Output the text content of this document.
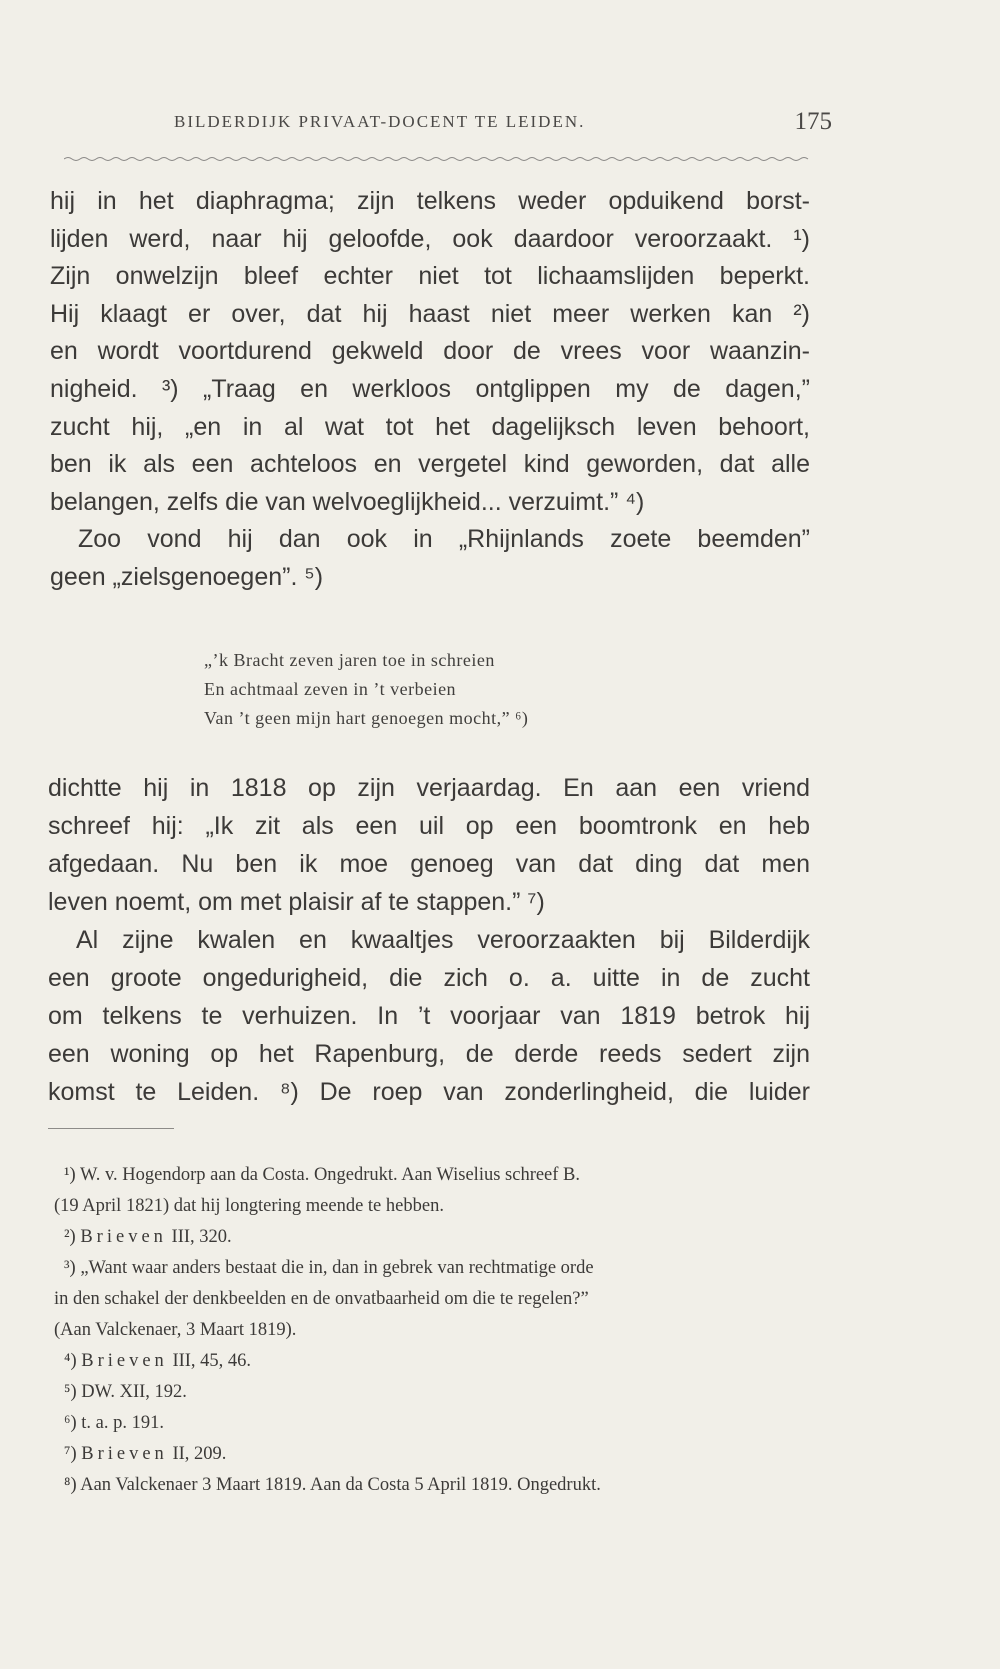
BILDERDIJK PRIVAAT-DOCENT TE LEIDEN.	175
hij in het diaphragma; zijn telkens weder opduikend borst-
lijden werd, naar hij geloofde, ook daardoor veroorzaakt. ¹)
Zijn onwelzijn bleef echter niet tot lichaamslijden beperkt.
Hij klaagt er over, dat hij haast niet meer werken kan ²)
en wordt voortdurend gekweld door de vrees voor waanzin-
nigheid. ³) „Traag en werkloos ontglippen my de dagen,”
zucht hij, „en in al wat tot het dagelijksch leven behoort,
ben ik als een achteloos en vergetel kind geworden, dat alle
belangen, zelfs die van welvoeglijkheid... verzuimt.” ⁴)
Zoo vond hij dan ook in „Rhijnlands zoete beemden”
geen „zielsgenoegen”. ⁵)
„’k Bracht zeven jaren toe in schreien
En achtmaal zeven in ’t verbeien
Van ’t geen mijn hart genoegen mocht,” ⁶)
dichtte hij in 1818 op zijn verjaardag. En aan een vriend
schreef hij: „Ik zit als een uil op een boomtronk en heb
afgedaan. Nu ben ik moe genoeg van dat ding dat men
leven noemt, om met plaisir af te stappen.” ⁷)
Al zijne kwalen en kwaaltjes veroorzaakten bij Bilderdijk
een groote ongedurigheid, die zich o. a. uitte in de zucht
om telkens te verhuizen. In ’t voorjaar van 1819 betrok hij
een woning op het Rapenburg, de derde reeds sedert zijn
komst te Leiden. ⁸) De roep van zonderlingheid, die luider
¹) W. v. Hogendorp aan da Costa. Ongedrukt. Aan Wiselius schreef B.
(19 April 1821) dat hij longtering meende te hebben.
²) Brieven III, 320.
³) „Want waar anders bestaat die in, dan in gebrek van rechtmatige orde
in den schakel der denkbeelden en de onvatbaarheid om die te regelen?”
(Aan Valckenaer, 3 Maart 1819).
⁴) Brieven III, 45, 46.
⁵) DW. XII, 192.
⁶) t. a. p. 191.
⁷) Brieven II, 209.
⁸) Aan Valckenaer 3 Maart 1819. Aan da Costa 5 April 1819. Ongedrukt.
